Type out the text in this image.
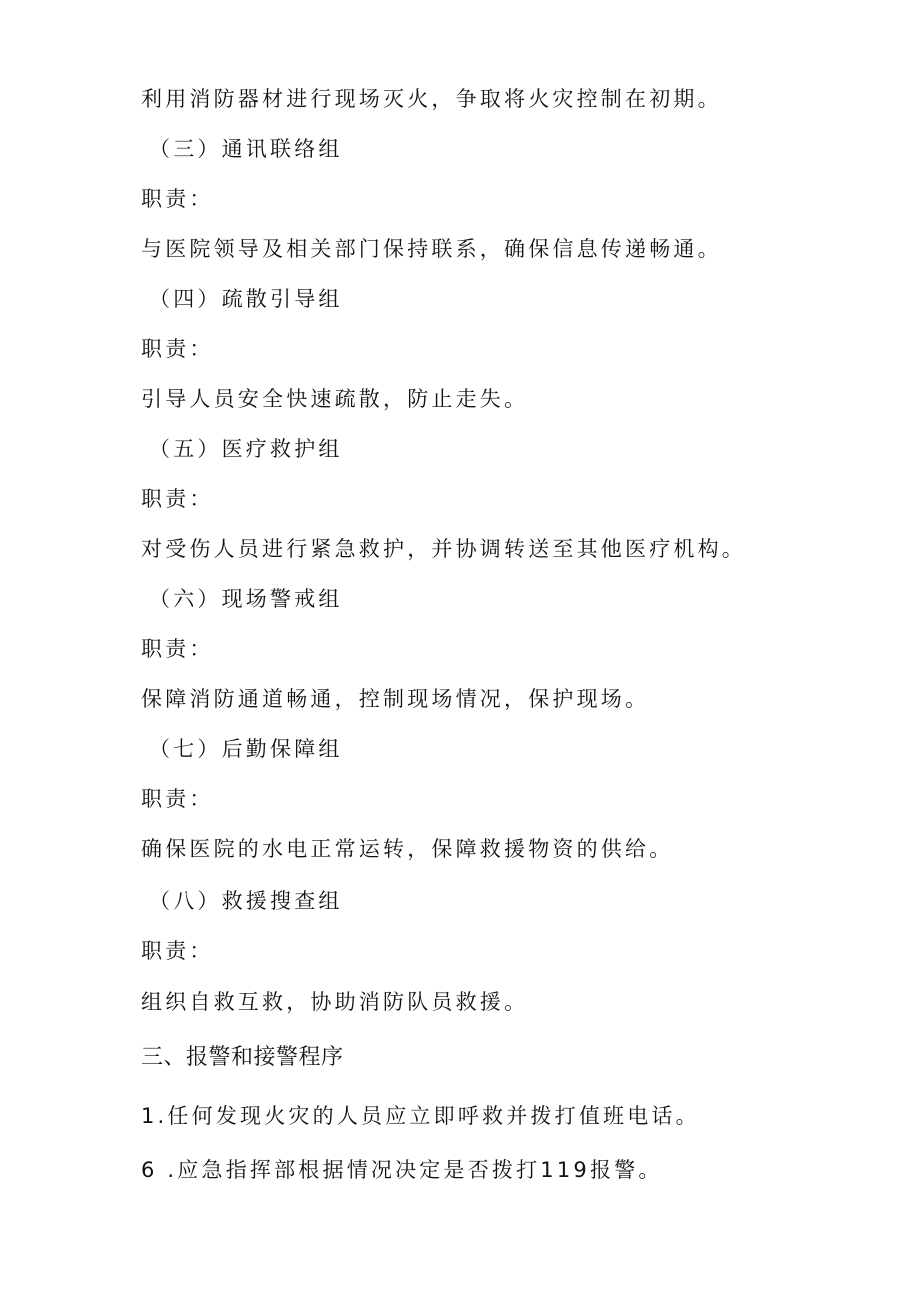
利用消防器材进行现场灭火，争取将火灾控制在初期。
（三）通讯联络组
职责：
与医院领导及相关部门保持联系，确保信息传递畅通。
（四）疏散引导组
职责：
引导人员安全快速疏散，防止走失。
（五）医疗救护组
职责：
对受伤人员进行紧急救护，并协调转送至其他医疗机构。
（六）现场警戒组
职责：
保障消防通道畅通，控制现场情况，保护现场。
（七）后勤保障组
职责：
确保医院的水电正常运转，保障救援物资的供给。
（八）救援搜查组
职责：
组织自救互救，协助消防队员救援。
三、报警和接警程序
1.任何发现火灾的人员应立即呼救并拨打值班电话。
6 .应急指挥部根据情况决定是否拨打119报警。
